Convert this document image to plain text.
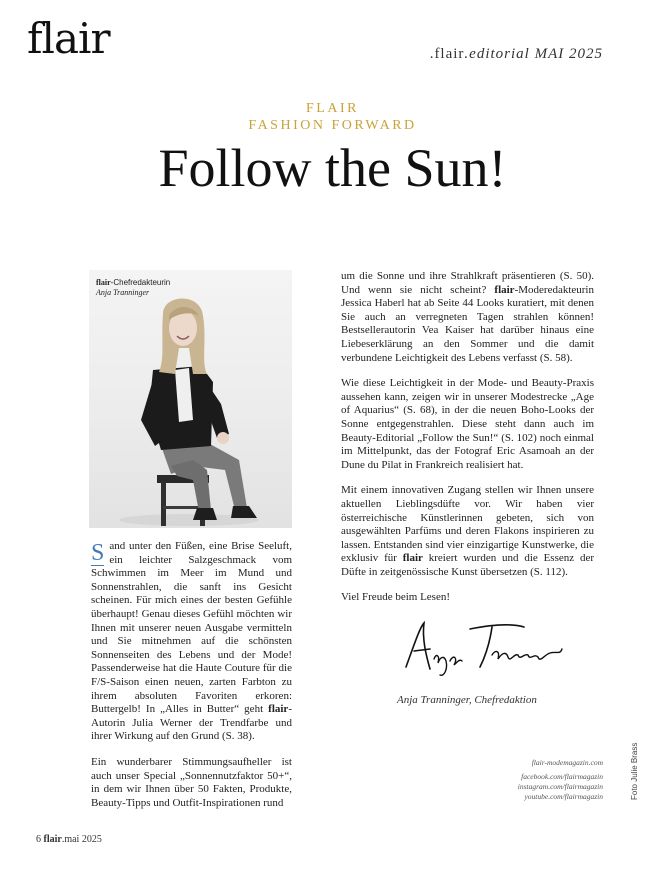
flair	.flair.editorial MAI 2025
FLAIR
FASHION FORWARD
Follow the Sun!
flair-Chefredakteurin
Anja Tranninger

S and unter den Füßen, eine Brise Seeluft, ein leichter Salzgeschmack vom Schwimmen im Meer im Mund und Sonnenstrahlen, die sanft ins Gesicht scheinen. Für mich eines der besten Gefühle überhaupt! Genau dieses Gefühl möchten wir Ihnen mit unserer neuen Ausgabe vermitteln und Sie mitnehmen auf die schönsten Sonnenseiten des Lebens und der Mode! Passenderweise hat die Haute Couture für die F/S-Saison einen neuen, zarten Farbton zu ihrem absoluten Favoriten erkoren: Buttergelb! In „Alles in Butter“ geht flair-Autorin Julia Werner der Trendfarbe und ihrer Wirkung auf den Grund (S. 38).

Ein wunderbarer Stimmungsaufheller ist auch unser Special „Sonnennutzfaktor 50+“, in dem wir Ihnen über 50 Fakten, Produkte, Beauty-Tipps und Outfit-Inspirationen rund

um die Sonne und ihre Strahlkraft präsentieren (S. 50). Und wenn sie nicht scheint? flair-Moderedakteurin Jessica Haberl hat ab Seite 44 Looks kuratiert, mit denen Sie auch an verregneten Tagen strahlen können! Bestsellerautorin Vea Kaiser hat darüber hinaus eine Liebeserklärung an den Sommer und die damit verbundene Leichtigkeit des Lebens verfasst (S. 58).

Wie diese Leichtigkeit in der Mode- und Beauty-Praxis aussehen kann, zeigen wir in unserer Modestrecke „Age of Aquarius“ (S. 68), in der die neuen Boho-Looks der Sonne entgegenstrahlen. Diese steht dann auch im Beauty-Editorial „Follow the Sun!“ (S. 102) noch einmal im Mittelpunkt, das der Fotograf Eric Asamoah an der Dune du Pilat in Frankreich realisiert hat.

Mit einem innovativen Zugang stellen wir Ihnen unsere aktuellen Lieblingsdüfte vor. Wir haben vier österreichische Künstlerinnen gebeten, sich von ausgewählten Parfüms und deren Flakons inspirieren zu lassen. Entstanden sind vier einzigartige Kunstwerke, die exklusiv für flair kreiert wurden und die Essenz der Düfte in zeitgenössische Kunst übersetzen (S. 112).

Viel Freude beim Lesen!

Anja Tranninger, Chefredaktion
flair-modemagazin.com
facebook.com/flairmagazin
instagram.com/flairmagazin
youtube.com/flairmagazin	Foto Julie Brass
6 flair.mai 2025
